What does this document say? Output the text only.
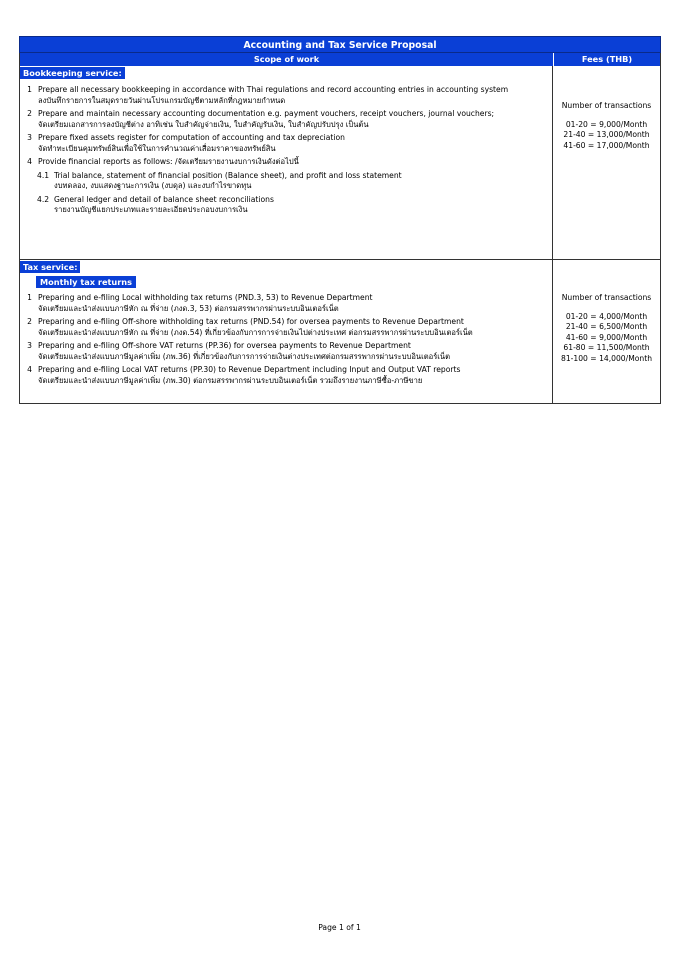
Accounting and Tax Service Proposal
Scope of work	Fees (THB)
Bookkeeping service:
1 Prepare all necessary bookkeeping in accordance with Thai regulations and record accounting entries in accounting system
ลงบันทึกรายการในสมุดรายวันผ่านโปรแกรมบัญชีตามหลักที่กฎหมายกำหนด
2 Prepare and maintain necessary accounting documentation e.g. payment vouchers, receipt vouchers, journal vouchers;
จัดเตรียมเอกสารการลงบัญชีต่าง อาทิเช่น ใบสำคัญจ่ายเงิน, ใบสำคัญรับเงิน, ใบสำคัญปรับปรุง เป็นต้น
3 Prepare fixed assets register for computation of accounting and tax depreciation
จัดทำทะเบียนคุมทรัพย์สินเพื่อใช้ในการคำนวณค่าเสื่อมราคาของทรัพย์สิน
4 Provide financial reports as follows: /จัดเตรียมรายงานงบการเงินดังต่อไปนี้
4.1 Trial balance, statement of financial position (Balance sheet), and profit and loss statement
งบทดลอง, งบแสดงฐานะการเงิน (งบดุล) และงบกำไรขาดทุน
4.2 General ledger and detail of balance sheet reconciliations
รายงานบัญชีแยกประเภทและรายละเอียดประกอบงบการเงิน
Number of transactions
01-20 = 9,000/Month
21-40 = 13,000/Month
41-60 = 17,000/Month
Tax service:
Monthly tax returns
1 Preparing and e-filing Local withholding tax returns (PND.3, 53) to Revenue Department
จัดเตรียมและนำส่งแบบภาษีหัก ณ ที่จ่าย (ภงด.3, 53) ต่อกรมสรรพากรผ่านระบบอินเตอร์เน็ต
2 Preparing and e-filing Off-shore withholding tax returns (PND.54) for oversea payments to Revenue Department
จัดเตรียมและนำส่งแบบภาษีหัก ณ ที่จ่าย (ภงด.54) ที่เกี่ยวข้องกับการการจ่ายเงินไปต่างประเทศ ต่อกรมสรรพากรผ่านระบบอินเตอร์เน็ต
3 Preparing and e-filing Off-shore VAT returns (PP.36) for oversea payments to Revenue Department
จัดเตรียมและนำส่งแบบภาษีมูลค่าเพิ่ม (ภพ.36) ที่เกี่ยวข้องกับการการจ่ายเงินต่างประเทศต่อกรมสรรพากรผ่านระบบอินเตอร์เน็ต
4 Preparing and e-filing Local VAT returns (PP.30) to Revenue Department including Input and Output VAT reports
จัดเตรียมและนำส่งแบบภาษีมูลค่าเพิ่ม (ภพ.30) ต่อกรมสรรพากรผ่านระบบอินเตอร์เน็ต รวมถึงรายงานภาษีซื้อ-ภาษีขาย
Number of transactions
01-20 = 4,000/Month
21-40 = 6,500/Month
41-60 = 9,000/Month
61-80 = 11,500/Month
81-100 = 14,000/Month
Page 1 of 1
